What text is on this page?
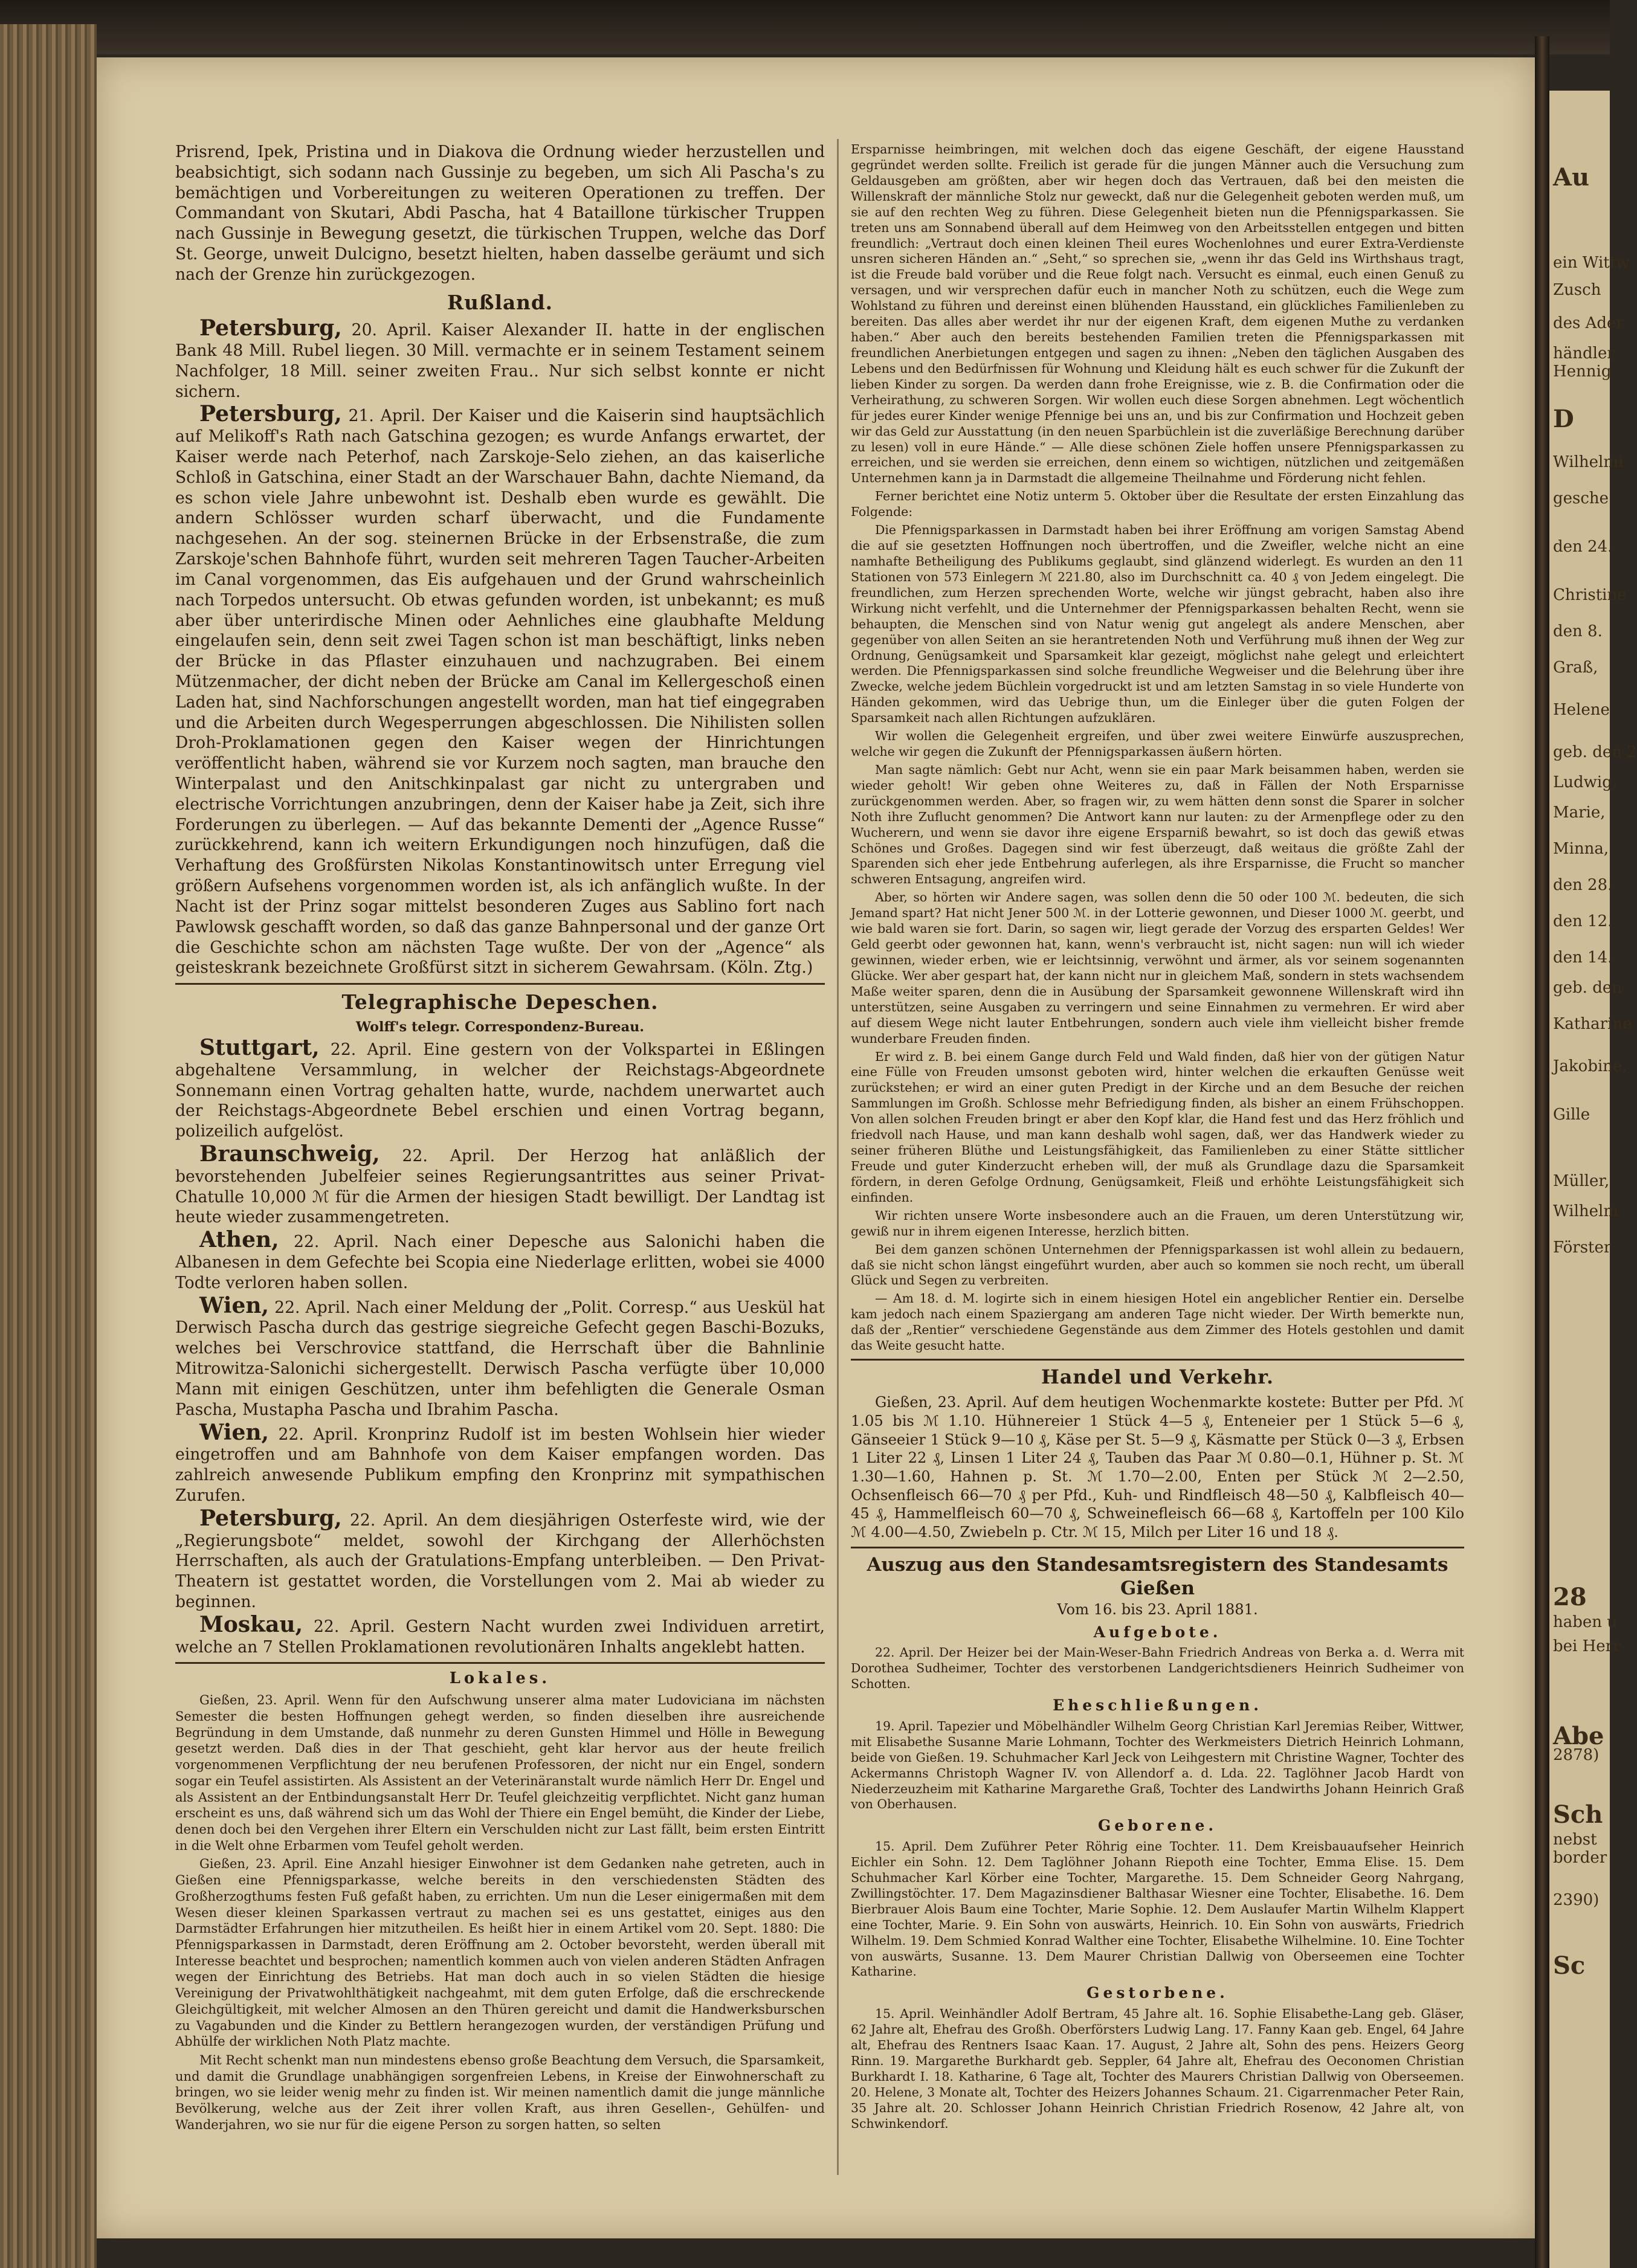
Au
ein Wittw
Zusch
des Ader
händler
Hennig
D
Wilhelmi
gesche
den 24.
Christine
den 8.
Graß,
Helene
geb. den 2
Ludwig,
Marie,
Minna,
den 28.
den 12.
den 14.
geb. den
Katharine
Jakobine,
Gille
Müller,
Wilhelm
Förster
28
haben u
bei Herr
Abe
2878)
Sch
nebst
border
2390)
Sc

Prisrend, Ipek, Pristina und in Diakova die Ordnung wieder herzustellen und beabsichtigt, sich sodann nach Gussinje zu begeben, um sich Ali Pascha's zu bemächtigen und Vorbereitungen zu weiteren Operationen zu treffen. Der Commandant von Skutari, Abdi Pascha, hat 4 Bataillone türkischer Truppen nach Gussinje in Bewegung gesetzt, die türkischen Truppen, welche das Dorf St. George, unweit Dulcigno, besetzt hielten, haben dasselbe geräumt und sich nach der Grenze hin zurückgezogen.

Rußland.

Petersburg, 20. April. Kaiser Alexander II. hatte in der englischen Bank 48 Mill. Rubel liegen. 30 Mill. vermachte er in seinem Testament seinem Nachfolger, 18 Mill. seiner zweiten Frau.. Nur sich selbst konnte er nicht sichern.

Petersburg, 21. April. Der Kaiser und die Kaiserin sind hauptsächlich auf Melikoff's Rath nach Gatschina gezogen; es wurde Anfangs erwartet, der Kaiser werde nach Peterhof, nach Zarskoje-Selo ziehen, an das kaiserliche Schloß in Gatschina, einer Stadt an der Warschauer Bahn, dachte Niemand, da es schon viele Jahre unbewohnt ist. Deshalb eben wurde es gewählt. Die andern Schlösser wurden scharf überwacht, und die Fundamente nachgesehen. An der sog. steinernen Brücke in der Erbsenstraße, die zum Zarskoje'schen Bahnhofe führt, wurden seit mehreren Tagen Taucher-Arbeiten im Canal vorgenommen, das Eis aufgehauen und der Grund wahrscheinlich nach Torpedos untersucht. Ob etwas gefunden worden, ist unbekannt; es muß aber über unterirdische Minen oder Aehnliches eine glaubhafte Meldung eingelaufen sein, denn seit zwei Tagen schon ist man beschäftigt, links neben der Brücke in das Pflaster einzuhauen und nachzugraben. Bei einem Mützenmacher, der dicht neben der Brücke am Canal im Kellergeschoß einen Laden hat, sind Nachforschungen angestellt worden, man hat tief eingegraben und die Arbeiten durch Wegesperrungen abgeschlossen. Die Nihilisten sollen Droh-Proklamationen gegen den Kaiser wegen der Hinrichtungen veröffentlicht haben, während sie vor Kurzem noch sagten, man brauche den Winterpalast und den Anitschkinpalast gar nicht zu untergraben und electrische Vorrichtungen anzubringen, denn der Kaiser habe ja Zeit, sich ihre Forderungen zu überlegen. — Auf das bekannte Dementi der „Agence Russe“ zurückkehrend, kann ich weitern Erkundigungen noch hinzufügen, daß die Verhaftung des Großfürsten Nikolas Konstantinowitsch unter Erregung viel größern Aufsehens vorgenommen worden ist, als ich anfänglich wußte. In der Nacht ist der Prinz sogar mittelst besonderen Zuges aus Sablino fort nach Pawlowsk geschafft worden, so daß das ganze Bahnpersonal und der ganze Ort die Geschichte schon am nächsten Tage wußte. Der von der „Agence“ als geisteskrank bezeichnete Großfürst sitzt in sicherem Gewahrsam. (Köln. Ztg.)

Telegraphische Depeschen.
Wolff's telegr. Correspondenz-Bureau.

Stuttgart, 22. April. Eine gestern von der Volkspartei in Eßlingen abgehaltene Versammlung, in welcher der Reichstags-Abgeordnete Sonnemann einen Vortrag gehalten hatte, wurde, nachdem unerwartet auch der Reichstags-Abgeordnete Bebel erschien und einen Vortrag begann, polizeilich aufgelöst.

Braunschweig, 22. April. Der Herzog hat anläßlich der bevorstehenden Jubelfeier seines Regierungsantrittes aus seiner Privat-Chatulle 10,000 ℳ für die Armen der hiesigen Stadt bewilligt. Der Landtag ist heute wieder zusammengetreten.

Athen, 22. April. Nach einer Depesche aus Salonichi haben die Albanesen in dem Gefechte bei Scopia eine Niederlage erlitten, wobei sie 4000 Todte verloren haben sollen.

Wien, 22. April. Nach einer Meldung der „Polit. Corresp.“ aus Ueskül hat Derwisch Pascha durch das gestrige siegreiche Gefecht gegen Baschi-Bozuks, welches bei Verschrovice stattfand, die Herrschaft über die Bahnlinie Mitrowitza-Salonichi sichergestellt. Derwisch Pascha verfügte über 10,000 Mann mit einigen Geschützen, unter ihm befehligten die Generale Osman Pascha, Mustapha Pascha und Ibrahim Pascha.

Wien, 22. April. Kronprinz Rudolf ist im besten Wohlsein hier wieder eingetroffen und am Bahnhofe von dem Kaiser empfangen worden. Das zahlreich anwesende Publikum empfing den Kronprinz mit sympathischen Zurufen.

Petersburg, 22. April. An dem diesjährigen Osterfeste wird, wie der „Regierungsbote“ meldet, sowohl der Kirchgang der Allerhöchsten Herrschaften, als auch der Gratulations-Empfang unterbleiben. — Den Privat-Theatern ist gestattet worden, die Vorstellungen vom 2. Mai ab wieder zu beginnen.

Moskau, 22. April. Gestern Nacht wurden zwei Individuen arretirt, welche an 7 Stellen Proklamationen revolutionären Inhalts angeklebt hatten.

Lokales.

Gießen, 23. April. Wenn für den Aufschwung unserer alma mater Ludoviciana im nächsten Semester die besten Hoffnungen gehegt werden, so finden dieselben ihre ausreichende Begründung in dem Umstande, daß nunmehr zu deren Gunsten Himmel und Hölle in Bewegung gesetzt werden. Daß dies in der That geschieht, geht klar hervor aus der heute freilich vorgenommenen Verpflichtung der neu berufenen Professoren, der nicht nur ein Engel, sondern sogar ein Teufel assistirten. Als Assistent an der Veterinäranstalt wurde nämlich Herr Dr. Engel und als Assistent an der Entbindungsanstalt Herr Dr. Teufel gleichzeitig verpflichtet. Nicht ganz human erscheint es uns, daß während sich um das Wohl der Thiere ein Engel bemüht, die Kinder der Liebe, denen doch bei den Vergehen ihrer Eltern ein Verschulden nicht zur Last fällt, beim ersten Eintritt in die Welt ohne Erbarmen vom Teufel geholt werden.

Gießen, 23. April. Eine Anzahl hiesiger Einwohner ist dem Gedanken nahe getreten, auch in Gießen eine Pfennigsparkasse, welche bereits in den verschiedensten Städten des Großherzogthums festen Fuß gefaßt haben, zu errichten. Um nun die Leser einigermaßen mit dem Wesen dieser kleinen Sparkassen vertraut zu machen sei es uns gestattet, einiges aus den Darmstädter Erfahrungen hier mitzutheilen. Es heißt hier in einem Artikel vom 20. Sept. 1880: Die Pfennigsparkassen in Darmstadt, deren Eröffnung am 2. October bevorsteht, werden überall mit Interesse beachtet und besprochen; namentlich kommen auch von vielen anderen Städten Anfragen wegen der Einrichtung des Betriebs. Hat man doch auch in so vielen Städten die hiesige Vereinigung der Privatwohlthätigkeit nachgeahmt, mit dem guten Erfolge, daß die erschreckende Gleichgültigkeit, mit welcher Almosen an den Thüren gereicht und damit die Handwerksburschen zu Vagabunden und die Kinder zu Bettlern herangezogen wurden, der verständigen Prüfung und Abhülfe der wirklichen Noth Platz machte.

Mit Recht schenkt man nun mindestens ebenso große Beachtung dem Versuch, die Sparsamkeit, und damit die Grundlage unabhängigen sorgenfreien Lebens, in Kreise der Einwohnerschaft zu bringen, wo sie leider wenig mehr zu finden ist. Wir meinen namentlich damit die junge männliche Bevölkerung, welche aus der Zeit ihrer vollen Kraft, aus ihren Gesellen-, Gehülfen- und Wanderjahren, wo sie nur für die eigene Person zu sorgen hatten, so selten

Ersparnisse heimbringen, mit welchen doch das eigene Geschäft, der eigene Hausstand gegründet werden sollte. Freilich ist gerade für die jungen Männer auch die Versuchung zum Geldausgeben am größten, aber wir hegen doch das Vertrauen, daß bei den meisten die Willenskraft der männliche Stolz nur geweckt, daß nur die Gelegenheit geboten werden muß, um sie auf den rechten Weg zu führen. Diese Gelegenheit bieten nun die Pfennigsparkassen. Sie treten uns am Sonnabend überall auf dem Heimweg von den Arbeitsstellen entgegen und bitten freundlich: „Vertraut doch einen kleinen Theil eures Wochenlohnes und eurer Extra-Verdienste unsren sicheren Händen an.“ „Seht,“ so sprechen sie, „wenn ihr das Geld ins Wirthshaus tragt, ist die Freude bald vorüber und die Reue folgt nach. Versucht es einmal, euch einen Genuß zu versagen, und wir versprechen dafür euch in mancher Noth zu schützen, euch die Wege zum Wohlstand zu führen und dereinst einen blühenden Hausstand, ein glückliches Familienleben zu bereiten. Das alles aber werdet ihr nur der eigenen Kraft, dem eigenen Muthe zu verdanken haben.“ Aber auch den bereits bestehenden Familien treten die Pfennigsparkassen mit freundlichen Anerbietungen entgegen und sagen zu ihnen: „Neben den täglichen Ausgaben des Lebens und den Bedürfnissen für Wohnung und Kleidung hält es euch schwer für die Zukunft der lieben Kinder zu sorgen. Da werden dann frohe Ereignisse, wie z. B. die Confirmation oder die Verheirathung, zu schweren Sorgen. Wir wollen euch diese Sorgen abnehmen. Legt wöchentlich für jedes eurer Kinder wenige Pfennige bei uns an, und bis zur Confirmation und Hochzeit geben wir das Geld zur Ausstattung (in den neuen Sparbüchlein ist die zuverläßige Berechnung darüber zu lesen) voll in eure Hände.“ — Alle diese schönen Ziele hoffen unsere Pfennigsparkassen zu erreichen, und sie werden sie erreichen, denn einem so wichtigen, nützlichen und zeitgemäßen Unternehmen kann ja in Darmstadt die allgemeine Theilnahme und Förderung nicht fehlen.

Ferner berichtet eine Notiz unterm 5. Oktober über die Resultate der ersten Einzahlung das Folgende:

Die Pfennigsparkassen in Darmstadt haben bei ihrer Eröffnung am vorigen Samstag Abend die auf sie gesetzten Hoffnungen noch übertroffen, und die Zweifler, welche nicht an eine namhafte Betheiligung des Publikums geglaubt, sind glänzend widerlegt. Es wurden an den 11 Stationen von 573 Einlegern ℳ 221.80, also im Durchschnitt ca. 40 ₰ von Jedem eingelegt. Die freundlichen, zum Herzen sprechenden Worte, welche wir jüngst gebracht, haben also ihre Wirkung nicht verfehlt, und die Unternehmer der Pfennigsparkassen behalten Recht, wenn sie behaupten, die Menschen sind von Natur wenig gut angelegt als andere Menschen, aber gegenüber von allen Seiten an sie herantretenden Noth und Verführung muß ihnen der Weg zur Ordnung, Genügsamkeit und Sparsamkeit klar gezeigt, möglichst nahe gelegt und erleichtert werden. Die Pfennigsparkassen sind solche freundliche Wegweiser und die Belehrung über ihre Zwecke, welche jedem Büchlein vorgedruckt ist und am letzten Samstag in so viele Hunderte von Händen gekommen, wird das Uebrige thun, um die Einleger über die guten Folgen der Sparsamkeit nach allen Richtungen aufzuklären.

Wir wollen die Gelegenheit ergreifen, und über zwei weitere Einwürfe auszusprechen, welche wir gegen die Zukunft der Pfennigsparkassen äußern hörten.

Man sagte nämlich: Gebt nur Acht, wenn sie ein paar Mark beisammen haben, werden sie wieder geholt! Wir geben ohne Weiteres zu, daß in Fällen der Noth Ersparnisse zurückgenommen werden. Aber, so fragen wir, zu wem hätten denn sonst die Sparer in solcher Noth ihre Zuflucht genommen? Die Antwort kann nur lauten: zu der Armenpflege oder zu den Wucherern, und wenn sie davor ihre eigene Ersparniß bewahrt, so ist doch das gewiß etwas Schönes und Großes. Dagegen sind wir fest überzeugt, daß weitaus die größte Zahl der Sparenden sich eher jede Entbehrung auferlegen, als ihre Ersparnisse, die Frucht so mancher schweren Entsagung, angreifen wird.

Aber, so hörten wir Andere sagen, was sollen denn die 50 oder 100 ℳ. bedeuten, die sich Jemand spart? Hat nicht Jener 500 ℳ. in der Lotterie gewonnen, und Dieser 1000 ℳ. geerbt, und wie bald waren sie fort. Darin, so sagen wir, liegt gerade der Vorzug des ersparten Geldes! Wer Geld geerbt oder gewonnen hat, kann, wenn's verbraucht ist, nicht sagen: nun will ich wieder gewinnen, wieder erben, wie er leichtsinnig, verwöhnt und ärmer, als vor seinem sogenannten Glücke. Wer aber gespart hat, der kann nicht nur in gleichem Maß, sondern in stets wachsendem Maße weiter sparen, denn die in Ausübung der Sparsamkeit gewonnene Willenskraft wird ihn unterstützen, seine Ausgaben zu verringern und seine Einnahmen zu vermehren. Er wird aber auf diesem Wege nicht lauter Entbehrungen, sondern auch viele ihm vielleicht bisher fremde wunderbare Freuden finden.

Er wird z. B. bei einem Gange durch Feld und Wald finden, daß hier von der gütigen Natur eine Fülle von Freuden umsonst geboten wird, hinter welchen die erkauften Genüsse weit zurückstehen; er wird an einer guten Predigt in der Kirche und an dem Besuche der reichen Sammlungen im Großh. Schlosse mehr Befriedigung finden, als bisher an einem Frühschoppen. Von allen solchen Freuden bringt er aber den Kopf klar, die Hand fest und das Herz fröhlich und friedvoll nach Hause, und man kann deshalb wohl sagen, daß, wer das Handwerk wieder zu seiner früheren Blüthe und Leistungsfähigkeit, das Familienleben zu einer Stätte sittlicher Freude und guter Kinderzucht erheben will, der muß als Grundlage dazu die Sparsamkeit fördern, in deren Gefolge Ordnung, Genügsamkeit, Fleiß und erhöhte Leistungsfähigkeit sich einfinden.

Wir richten unsere Worte insbesondere auch an die Frauen, um deren Unterstützung wir, gewiß nur in ihrem eigenen Interesse, herzlich bitten.

Bei dem ganzen schönen Unternehmen der Pfennigsparkassen ist wohl allein zu bedauern, daß sie nicht schon längst eingeführt wurden, aber auch so kommen sie noch recht, um überall Glück und Segen zu verbreiten.

— Am 18. d. M. logirte sich in einem hiesigen Hotel ein angeblicher Rentier ein. Derselbe kam jedoch nach einem Spaziergang am anderen Tage nicht wieder. Der Wirth bemerkte nun, daß der „Rentier“ verschiedene Gegenstände aus dem Zimmer des Hotels gestohlen und damit das Weite gesucht hatte.

Handel und Verkehr.

Gießen, 23. April. Auf dem heutigen Wochenmarkte kostete: Butter per Pfd. ℳ 1.05 bis ℳ 1.10. Hühnereier 1 Stück 4—5 ₰, Enteneier per 1 Stück 5—6 ₰, Gänseeier 1 Stück 9—10 ₰, Käse per St. 5—9 ₰, Käsmatte per Stück 0—3 ₰, Erbsen 1 Liter 22 ₰, Linsen 1 Liter 24 ₰, Tauben das Paar ℳ 0.80—0.1, Hühner p. St. ℳ 1.30—1.60, Hahnen p. St. ℳ 1.70—2.00, Enten per Stück ℳ 2—2.50, Ochsenfleisch 66—70 ₰ per Pfd., Kuh- und Rindfleisch 48—50 ₰, Kalbfleisch 40—45 ₰, Hammelfleisch 60—70 ₰, Schweinefleisch 66—68 ₰, Kartoffeln per 100 Kilo ℳ 4.00—4.50, Zwiebeln p. Ctr. ℳ 15, Milch per Liter 16 und 18 ₰.

Auszug aus den Standesamtsregistern des Standesamts Gießen
Vom 16. bis 23. April 1881.
Aufgebote.

22. April. Der Heizer bei der Main-Weser-Bahn Friedrich Andreas von Berka a. d. Werra mit Dorothea Sudheimer, Tochter des verstorbenen Landgerichtsdieners Heinrich Sudheimer von Schotten.

Eheschließungen.

19. April. Tapezier und Möbelhändler Wilhelm Georg Christian Karl Jeremias Reiber, Wittwer, mit Elisabethe Susanne Marie Lohmann, Tochter des Werkmeisters Dietrich Heinrich Lohmann, beide von Gießen. 19. Schuhmacher Karl Jeck von Leihgestern mit Christine Wagner, Tochter des Ackermanns Christoph Wagner IV. von Allendorf a. d. Lda. 22. Taglöhner Jacob Hardt von Niederzeuzheim mit Katharine Margarethe Graß, Tochter des Landwirths Johann Heinrich Graß von Oberhausen.

Geborene.

15. April. Dem Zuführer Peter Röhrig eine Tochter. 11. Dem Kreisbauaufseher Heinrich Eichler ein Sohn. 12. Dem Taglöhner Johann Riepoth eine Tochter, Emma Elise. 15. Dem Schuhmacher Karl Körber eine Tochter, Margarethe. 15. Dem Schneider Georg Nahrgang, Zwillingstöchter. 17. Dem Magazinsdiener Balthasar Wiesner eine Tochter, Elisabethe. 16. Dem Bierbrauer Alois Baum eine Tochter, Marie Sophie. 12. Dem Auslaufer Martin Wilhelm Klappert eine Tochter, Marie. 9. Ein Sohn von auswärts, Heinrich. 10. Ein Sohn von auswärts, Friedrich Wilhelm. 19. Dem Schmied Konrad Walther eine Tochter, Elisabethe Wilhelmine. 10. Eine Tochter von auswärts, Susanne. 13. Dem Maurer Christian Dallwig von Oberseemen eine Tochter Katharine.

Gestorbene.

15. April. Weinhändler Adolf Bertram, 45 Jahre alt. 16. Sophie Elisabethe-Lang geb. Gläser, 62 Jahre alt, Ehefrau des Großh. Oberförsters Ludwig Lang. 17. Fanny Kaan geb. Engel, 64 Jahre alt, Ehefrau des Rentners Isaac Kaan. 17. August, 2 Jahre alt, Sohn des pens. Heizers Georg Rinn. 19. Margarethe Burkhardt geb. Seppler, 64 Jahre alt, Ehefrau des Oeconomen Christian Burkhardt I. 18. Katharine, 6 Tage alt, Tochter des Maurers Christian Dallwig von Oberseemen. 20. Helene, 3 Monate alt, Tochter des Heizers Johannes Schaum. 21. Cigarrenmacher Peter Rain, 35 Jahre alt. 20. Schlosser Johann Heinrich Christian Friedrich Rosenow, 42 Jahre alt, von Schwinkendorf.
